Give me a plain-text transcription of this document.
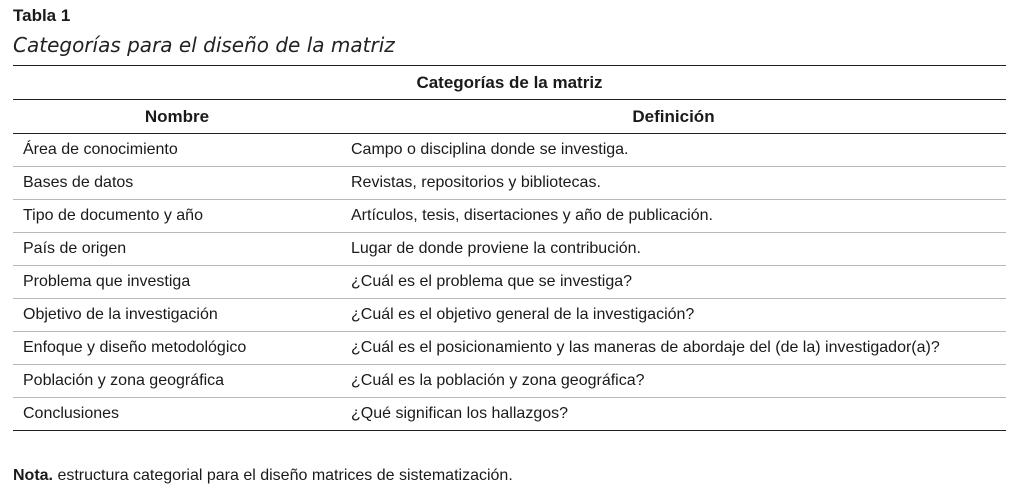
Tabla 1
Categorías para el diseño de la matriz
Categorías de la matriz	
Nombre	Definición
Área de conocimiento	Campo o disciplina donde se investiga.
Bases de datos	Revistas, repositorios y bibliotecas.
Tipo de documento y año	Artículos, tesis, disertaciones y año de publicación.
País de origen	Lugar de donde proviene la contribución.
Problema que investiga	¿Cuál es el problema que se investiga?
Objetivo de la investigación	¿Cuál es el objetivo general de la investigación?
Enfoque y diseño metodológico	¿Cuál es el posicionamiento y las maneras de abordaje del (de la) investigador(a)?
Población y zona geográfica	¿Cuál es la población y zona geográfica?
Conclusiones	¿Qué significan los hallazgos?
Nota. estructura categorial para el diseño matrices de sistematización.
